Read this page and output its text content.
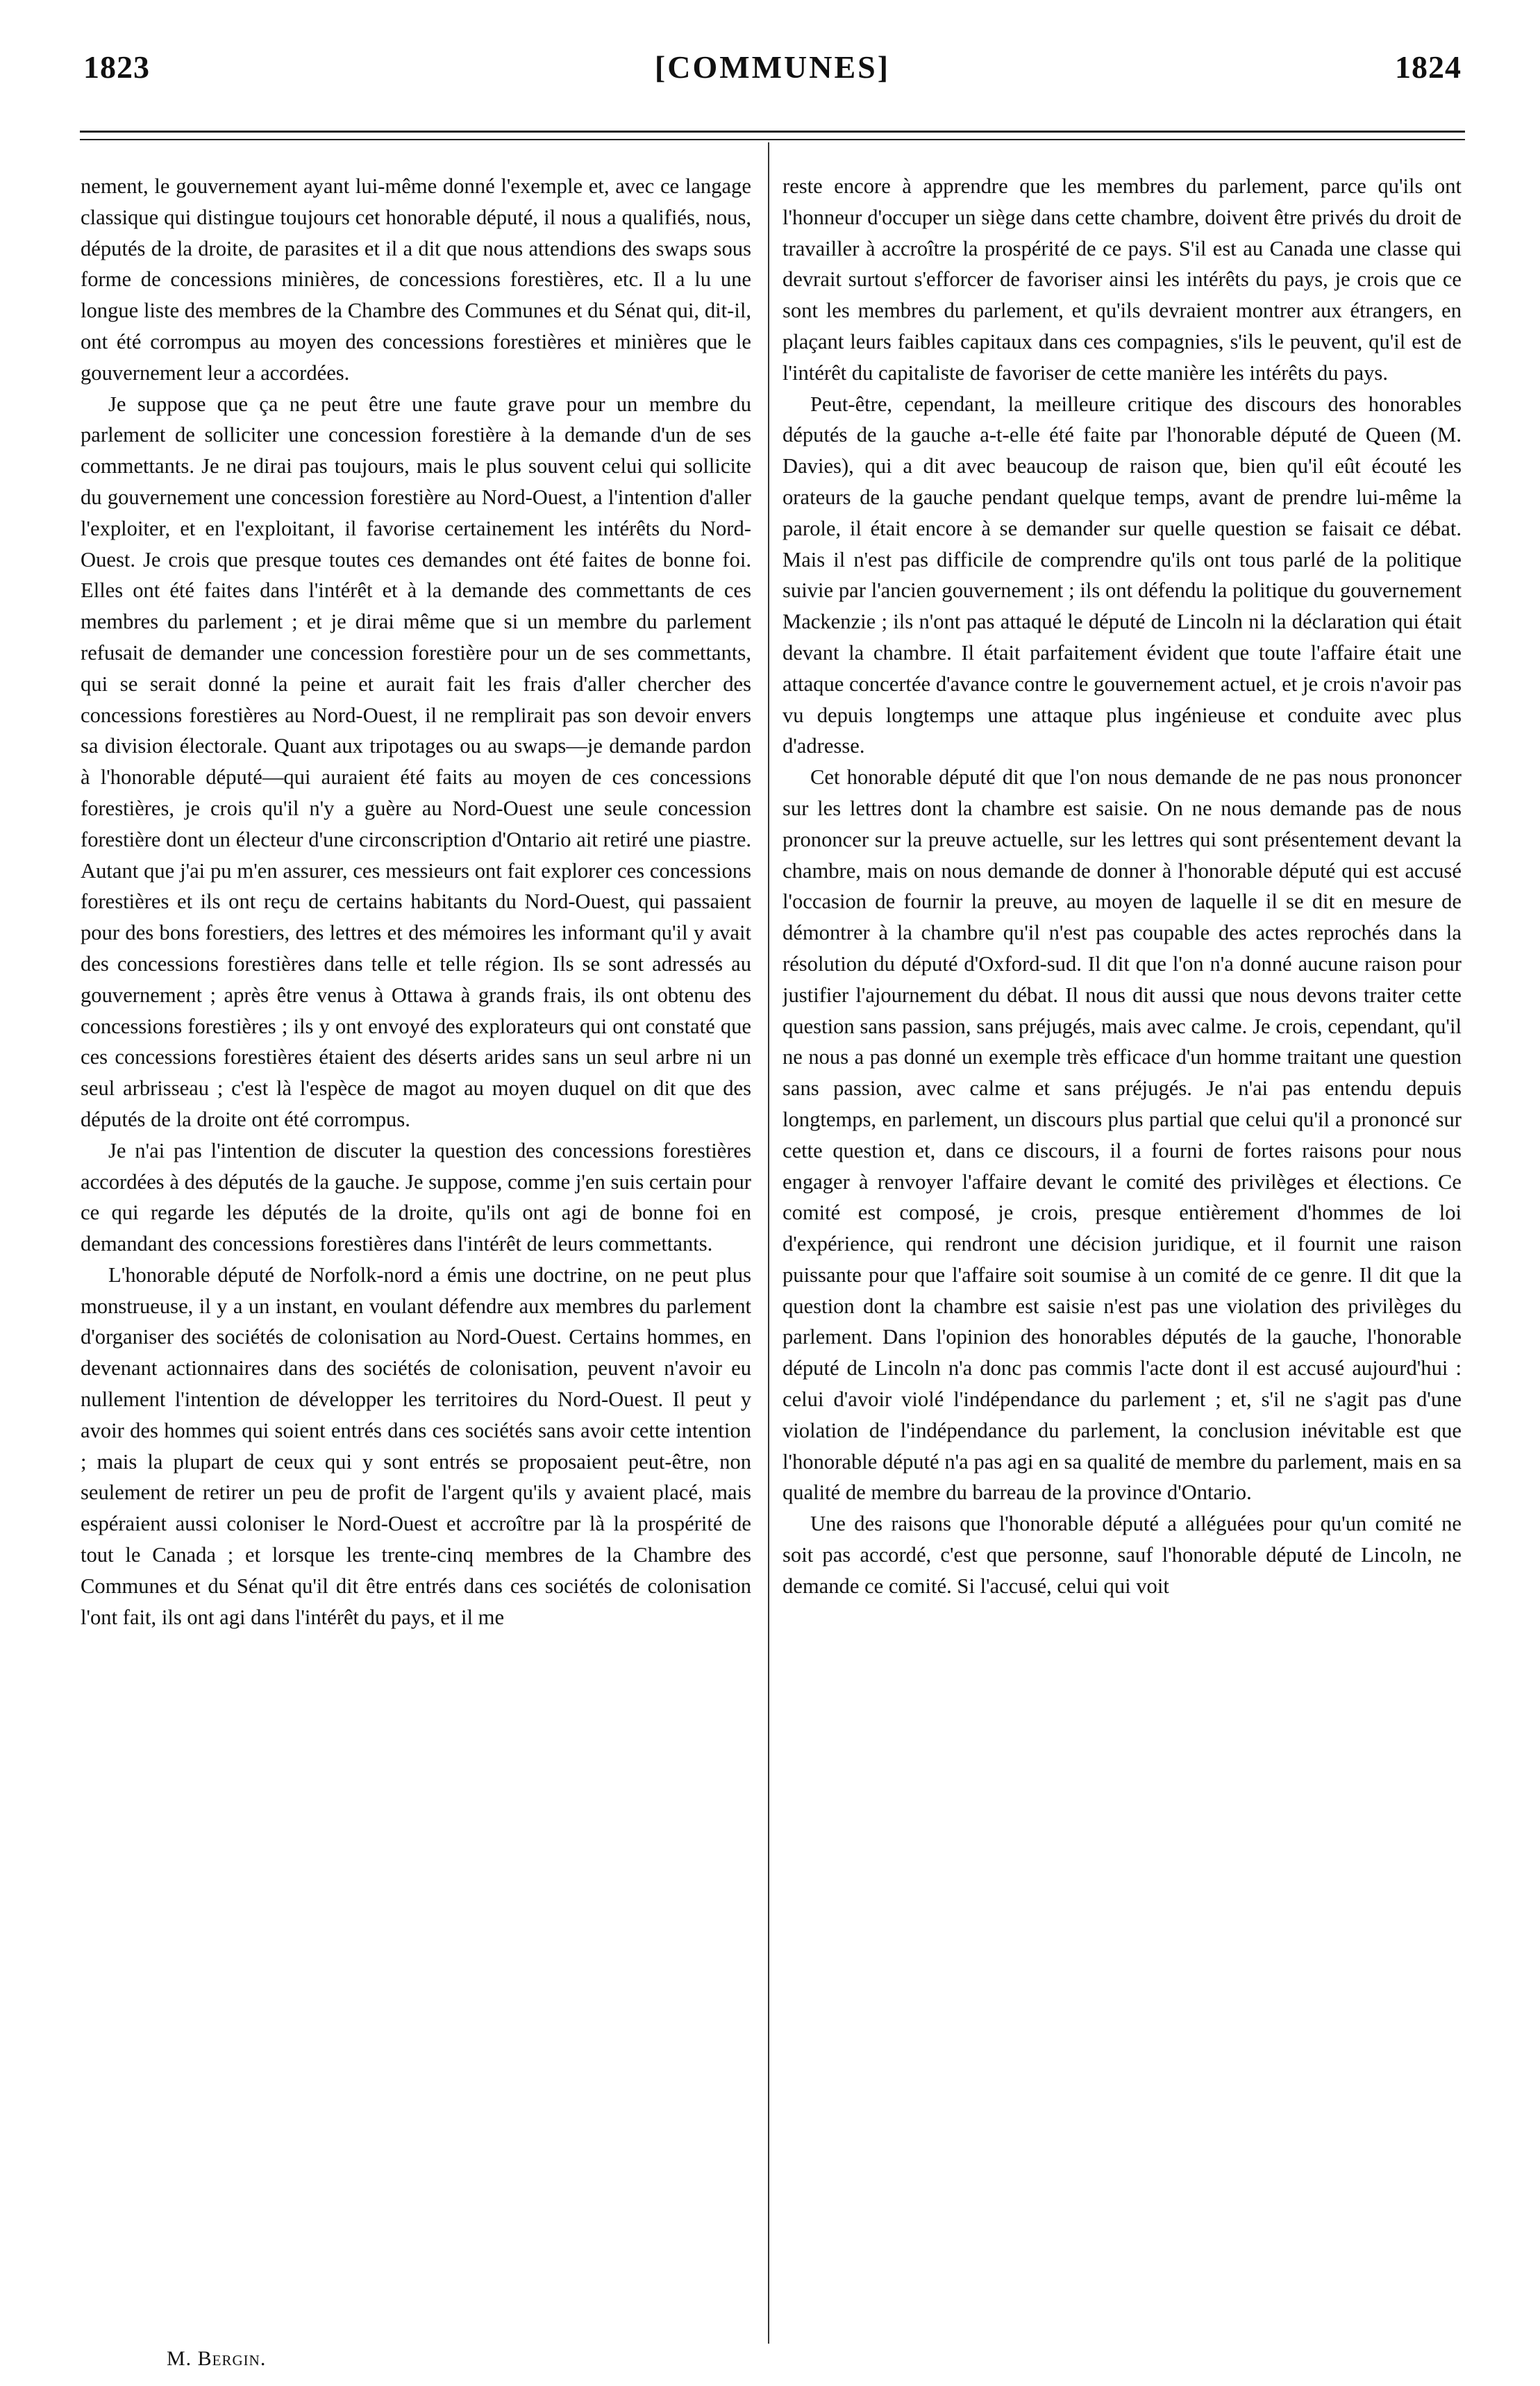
[COMMUNES]
1823	1824

nement, le gouvernement ayant lui-même donné l'exemple et, avec ce langage classique qui distingue toujours cet honorable député, il nous a qualifiés, nous, députés de la droite, de parasites et il a dit que nous attendions des swaps sous forme de concessions minières, de concessions forestières, etc. Il a lu une longue liste des membres de la Chambre des Communes et du Sénat qui, dit-il, ont été corrompus au moyen des concessions forestières et minières que le gouvernement leur a accordées.

Je suppose que ça ne peut être une faute grave pour un membre du parlement de solliciter une concession forestière à la demande d'un de ses commettants. Je ne dirai pas toujours, mais le plus souvent celui qui sollicite du gouvernement une concession forestière au Nord-Ouest, a l'intention d'aller l'exploiter, et en l'exploitant, il favorise certainement les intérêts du Nord-Ouest. Je crois que presque toutes ces demandes ont été faites de bonne foi. Elles ont été faites dans l'intérêt et à la demande des commettants de ces membres du parlement ; et je dirai même que si un membre du parlement refusait de demander une concession forestière pour un de ses commettants, qui se serait donné la peine et aurait fait les frais d'aller chercher des concessions forestières au Nord-Ouest, il ne remplirait pas son devoir envers sa division électorale. Quant aux tripotages ou au swaps—je demande pardon à l'honorable député—qui auraient été faits au moyen de ces concessions forestières, je crois qu'il n'y a guère au Nord-Ouest une seule concession forestière dont un électeur d'une circonscription d'Ontario ait retiré une piastre. Autant que j'ai pu m'en assurer, ces messieurs ont fait explorer ces concessions forestières et ils ont reçu de certains habitants du Nord-Ouest, qui passaient pour des bons forestiers, des lettres et des mémoires les informant qu'il y avait des concessions forestières dans telle et telle région. Ils se sont adressés au gouvernement ; après être venus à Ottawa à grands frais, ils ont obtenu des concessions forestières ; ils y ont envoyé des explorateurs qui ont constaté que ces concessions forestières étaient des déserts arides sans un seul arbre ni un seul arbrisseau ; c'est là l'espèce de magot au moyen duquel on dit que des députés de la droite ont été corrompus.

Je n'ai pas l'intention de discuter la question des concessions forestières accordées à des députés de la gauche. Je suppose, comme j'en suis certain pour ce qui regarde les députés de la droite, qu'ils ont agi de bonne foi en demandant des concessions forestières dans l'intérêt de leurs commettants.

L'honorable député de Norfolk-nord a émis une doctrine, on ne peut plus monstrueuse, il y a un instant, en voulant défendre aux membres du parlement d'organiser des sociétés de colonisation au Nord-Ouest. Certains hommes, en devenant actionnaires dans des sociétés de colonisation, peuvent n'avoir eu nullement l'intention de développer les territoires du Nord-Ouest. Il peut y avoir des hommes qui soient entrés dans ces sociétés sans avoir cette intention ; mais la plupart de ceux qui y sont entrés se proposaient peut-être, non seulement de retirer un peu de profit de l'argent qu'ils y avaient placé, mais espéraient aussi coloniser le Nord-Ouest et accroître par là la prospérité de tout le Canada ; et lorsque les trente-cinq membres de la Chambre des Communes et du Sénat qu'il dit être entrés dans ces sociétés de colonisation l'ont fait, ils ont agi dans l'intérêt du pays, et il me

reste encore à apprendre que les membres du parlement, parce qu'ils ont l'honneur d'occuper un siège dans cette chambre, doivent être privés du droit de travailler à accroître la prospérité de ce pays. S'il est au Canada une classe qui devrait surtout s'efforcer de favoriser ainsi les intérêts du pays, je crois que ce sont les membres du parlement, et qu'ils devraient montrer aux étrangers, en plaçant leurs faibles capitaux dans ces compagnies, s'ils le peuvent, qu'il est de l'intérêt du capitaliste de favoriser de cette manière les intérêts du pays.

Peut-être, cependant, la meilleure critique des discours des honorables députés de la gauche a-t-elle été faite par l'honorable député de Queen (M. Davies), qui a dit avec beaucoup de raison que, bien qu'il eût écouté les orateurs de la gauche pendant quelque temps, avant de prendre lui-même la parole, il était encore à se demander sur quelle question se faisait ce débat. Mais il n'est pas difficile de comprendre qu'ils ont tous parlé de la politique suivie par l'ancien gouvernement ; ils ont défendu la politique du gouvernement Mackenzie ; ils n'ont pas attaqué le député de Lincoln ni la déclaration qui était devant la chambre. Il était parfaitement évident que toute l'affaire était une attaque concertée d'avance contre le gouvernement actuel, et je crois n'avoir pas vu depuis longtemps une attaque plus ingénieuse et conduite avec plus d'adresse.

Cet honorable député dit que l'on nous demande de ne pas nous prononcer sur les lettres dont la chambre est saisie. On ne nous demande pas de nous prononcer sur la preuve actuelle, sur les lettres qui sont présentement devant la chambre, mais on nous demande de donner à l'honorable député qui est accusé l'occasion de fournir la preuve, au moyen de laquelle il se dit en mesure de démontrer à la chambre qu'il n'est pas coupable des actes reprochés dans la résolution du député d'Oxford-sud. Il dit que l'on n'a donné aucune raison pour justifier l'ajournement du débat. Il nous dit aussi que nous devons traiter cette question sans passion, sans préjugés, mais avec calme. Je crois, cependant, qu'il ne nous a pas donné un exemple très efficace d'un homme traitant une question sans passion, avec calme et sans préjugés. Je n'ai pas entendu depuis longtemps, en parlement, un discours plus partial que celui qu'il a prononcé sur cette question et, dans ce discours, il a fourni de fortes raisons pour nous engager à renvoyer l'affaire devant le comité des privilèges et élections. Ce comité est composé, je crois, presque entièrement d'hommes de loi d'expérience, qui rendront une décision juridique, et il fournit une raison puissante pour que l'affaire soit soumise à un comité de ce genre. Il dit que la question dont la chambre est saisie n'est pas une violation des privilèges du parlement. Dans l'opinion des honorables députés de la gauche, l'honorable député de Lincoln n'a donc pas commis l'acte dont il est accusé aujourd'hui : celui d'avoir violé l'indépendance du parlement ; et, s'il ne s'agit pas d'une violation de l'indépendance du parlement, la conclusion inévitable est que l'honorable député n'a pas agi en sa qualité de membre du parlement, mais en sa qualité de membre du barreau de la province d'Ontario.

Une des raisons que l'honorable député a alléguées pour qu'un comité ne soit pas accordé, c'est que personne, sauf l'honorable député de Lincoln, ne demande ce comité. Si l'accusé, celui qui voit

M. Bergin.
